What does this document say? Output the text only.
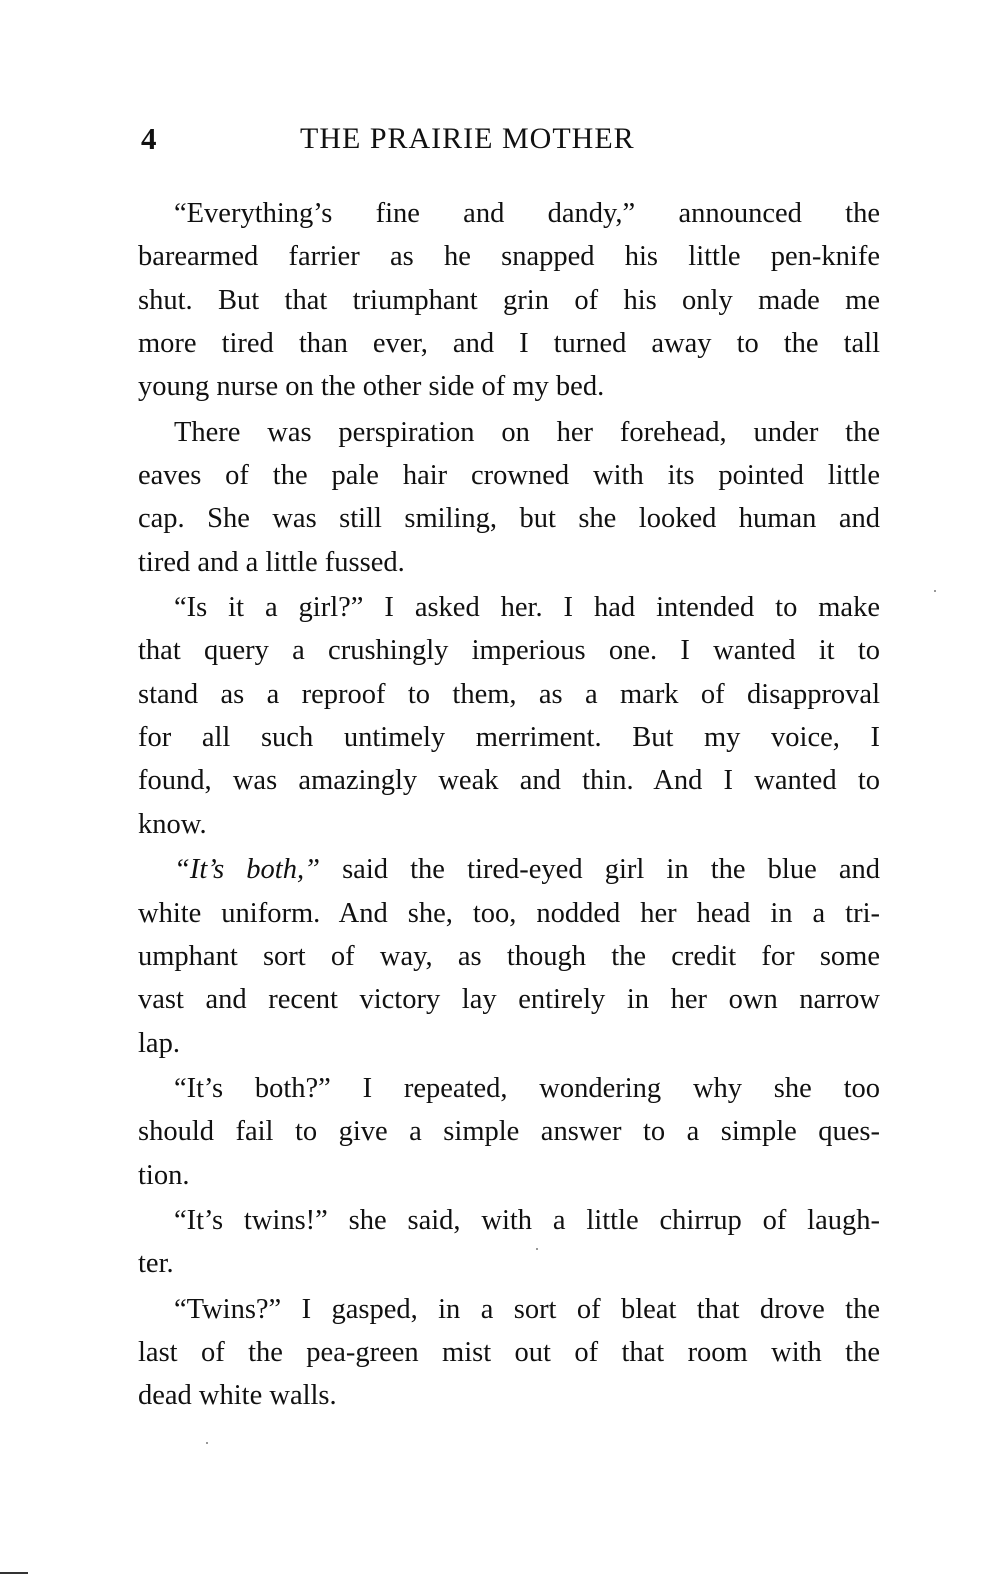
4	THE PRAIRIE MOTHER
“Everything’s fine and dandy,” announced the
barearmed farrier as he snapped his little pen-knife
shut. But that triumphant grin of his only made me
more tired than ever, and I turned away to the tall
young nurse on the other side of my bed.
There was perspiration on her forehead, under the
eaves of the pale hair crowned with its pointed little
cap. She was still smiling, but she looked human and
tired and a little fussed.
“Is it a girl?” I asked her. I had intended to make
that query a crushingly imperious one. I wanted it to
stand as a reproof to them, as a mark of disapproval
for all such untimely merriment. But my voice, I
found, was amazingly weak and thin. And I wanted to
know.
“It’s both,” said the tired-eyed girl in the blue and
white uniform. And she, too, nodded her head in a tri-
umphant sort of way, as though the credit for some
vast and recent victory lay entirely in her own narrow
lap.
“It’s both?” I repeated, wondering why she too
should fail to give a simple answer to a simple ques-
tion.
“It’s twins!” she said, with a little chirrup of laugh-
ter.
“Twins?” I gasped, in a sort of bleat that drove the
last of the pea-green mist out of that room with the
dead white walls.
